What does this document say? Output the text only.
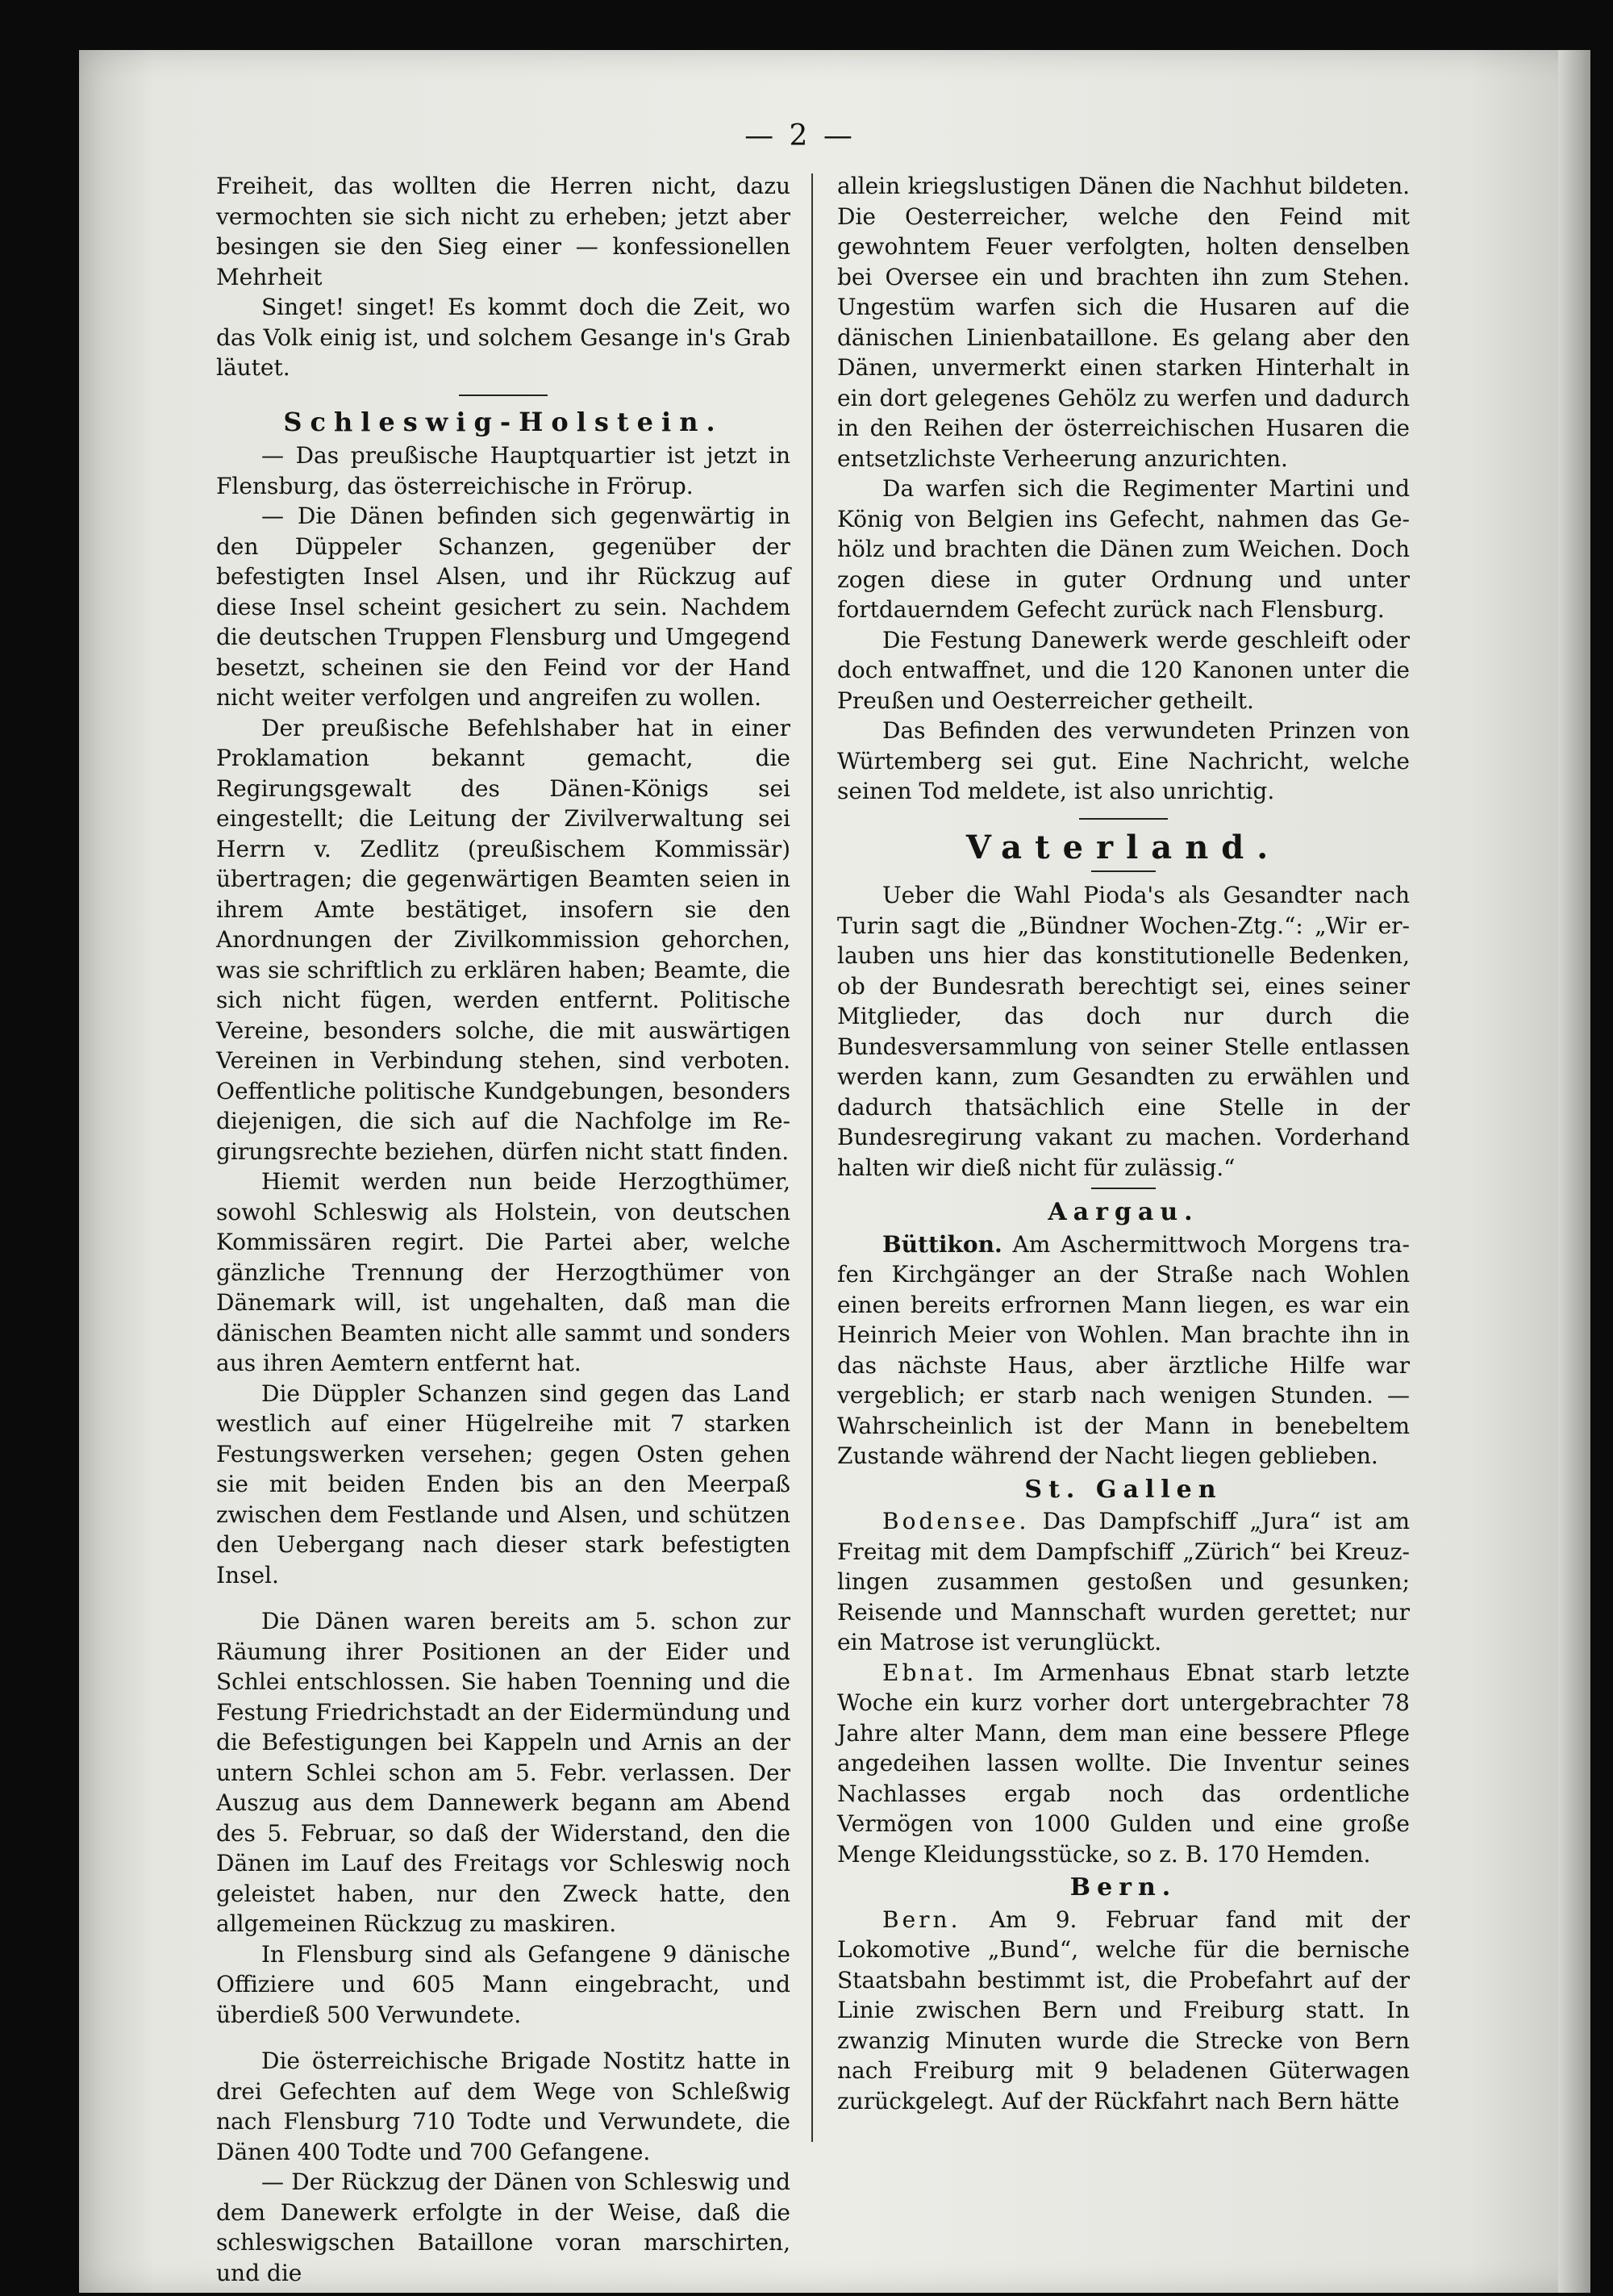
— 2 —

Freiheit, das wollten die Herren nicht, dazu vermochten sie sich nicht zu erheben; jetzt aber besingen sie den Sieg einer — konfessionellen Mehrheit

Singet! singet! Es kommt doch die Zeit, wo das Volk einig ist, und solchem Gesange in's Grab läutet.

Schleswig-Holstein.

— Das preußische Hauptquartier ist jetzt in Flensburg, das österreichische in Frörup.

— Die Dänen befinden sich gegenwärtig in den Düppeler Schanzen, gegenüber der befestigten Insel Alsen, und ihr Rückzug auf diese Insel scheint gesichert zu sein. Nachdem die deutschen Truppen Flensburg und Umgegend besetzt, scheinen sie den Feind vor der Hand nicht weiter verfolgen und angreifen zu wollen.

Der preußische Befehlshaber hat in einer Proklamation bekannt gemacht, die Regirungsgewalt des Dänen-Königs sei eingestellt; die Leitung der Zivilverwaltung sei Herrn v. Zedlitz (preußischem Kommissär) übertragen; die gegenwärtigen Beamten seien in ihrem Amte bestätiget, insofern sie den Anordnungen der Zivilkommission gehorchen, was sie schriftlich zu erklären haben; Beamte, die sich nicht fügen, werden entfernt. Politische Vereine, besonders solche, die mit auswärtigen Vereinen in Verbindung stehen, sind verboten. Oeffentliche politische Kundgebungen, besonders diejenigen, die sich auf die Nachfolge im Regirungsrechte beziehen, dürfen nicht statt finden.

Hiemit werden nun beide Herzogthümer, sowohl Schleswig als Holstein, von deutschen Kommissären regirt. Die Partei aber, welche gänzliche Trennung der Herzogthümer von Dänemark will, ist ungehalten, daß man die dänischen Beamten nicht alle sammt und sonders aus ihren Aemtern entfernt hat.

Die Düppler Schanzen sind gegen das Land westlich auf einer Hügelreihe mit 7 starken Festungswerken versehen; gegen Osten gehen sie mit beiden Enden bis an den Meerpaß zwischen dem Festlande und Alsen, und schützen den Uebergang nach dieser stark befestigten Insel.

Die Dänen waren bereits am 5. schon zur Räumung ihrer Positionen an der Eider und Schlei entschlossen. Sie haben Toenning und die Festung Friedrichstadt an der Eidermündung und die Befestigungen bei Kappeln und Arnis an der untern Schlei schon am 5. Febr. verlassen. Der Auszug aus dem Dannewerk begann am Abend des 5. Februar, so daß der Widerstand, den die Dänen im Lauf des Freitags vor Schleswig noch geleistet haben, nur den Zweck hatte, den allgemeinen Rückzug zu maskiren.

In Flensburg sind als Gefangene 9 dänische Offiziere und 605 Mann eingebracht, und überdieß 500 Verwundete.

Die österreichische Brigade Nostitz hatte in drei Gefechten auf dem Wege von Schleßwig nach Flensburg 710 Todte und Verwundete, die Dänen 400 Todte und 700 Gefangene.

— Der Rückzug der Dänen von Schleswig und dem Danewerk erfolgte in der Weise, daß die schleswigschen Bataillone voran marschirten, und die

allein kriegslustigen Dänen die Nachhut bildeten. Die Oesterreicher, welche den Feind mit gewohntem Feuer verfolgten, holten denselben bei Oversee ein und brachten ihn zum Stehen. Ungestüm warfen sich die Husaren auf die dänischen Linienbataillone. Es gelang aber den Dänen, unvermerkt einen starken Hinterhalt in ein dort gelegenes Gehölz zu werfen und dadurch in den Reihen der österreichischen Husaren die entsetzlichste Verheerung anzurichten.

Da warfen sich die Regimenter Martini und König von Belgien ins Gefecht, nahmen das Gehölz und brachten die Dänen zum Weichen. Doch zogen diese in guter Ordnung und unter fortdauerndem Gefecht zurück nach Flensburg.

Die Festung Danewerk werde geschleift oder doch entwaffnet, und die 120 Kanonen unter die Preußen und Oesterreicher getheilt.

Das Befinden des verwundeten Prinzen von Würtemberg sei gut. Eine Nachricht, welche seinen Tod meldete, ist also unrichtig.

Vaterland.

Ueber die Wahl Pioda's als Gesandter nach Turin sagt die „Bündner Wochen-Ztg.“: „Wir erlauben uns hier das konstitutionelle Bedenken, ob der Bundesrath berechtigt sei, eines seiner Mitglieder, das doch nur durch die Bundesversammlung von seiner Stelle entlassen werden kann, zum Gesandten zu erwählen und dadurch thatsächlich eine Stelle in der Bundesregirung vakant zu machen. Vorderhand halten wir dieß nicht für zulässig.“

Aargau.

Büttikon. Am Aschermittwoch Morgens trafen Kirchgänger an der Straße nach Wohlen einen bereits erfrornen Mann liegen, es war ein Heinrich Meier von Wohlen. Man brachte ihn in das nächste Haus, aber ärztliche Hilfe war vergeblich; er starb nach wenigen Stunden. — Wahrscheinlich ist der Mann in benebeltem Zustande während der Nacht liegen geblieben.

St. Gallen

Bodensee. Das Dampfschiff „Jura“ ist am Freitag mit dem Dampfschiff „Zürich“ bei Kreuzlingen zusammen gestoßen und gesunken; Reisende und Mannschaft wurden gerettet; nur ein Matrose ist verunglückt.

Ebnat. Im Armenhaus Ebnat starb letzte Woche ein kurz vorher dort untergebrachter 78 Jahre alter Mann, dem man eine bessere Pflege angedeihen lassen wollte. Die Inventur seines Nachlasses ergab noch das ordentliche Vermögen von 1000 Gulden und eine große Menge Kleidungsstücke, so z. B. 170 Hemden.

Bern.

Bern. Am 9. Februar fand mit der Lokomotive „Bund“, welche für die bernische Staatsbahn bestimmt ist, die Probefahrt auf der Linie zwischen Bern und Freiburg statt. In zwanzig Minuten wurde die Strecke von Bern nach Freiburg mit 9 beladenen Güterwagen zurückgelegt. Auf der Rückfahrt nach Bern hätte
